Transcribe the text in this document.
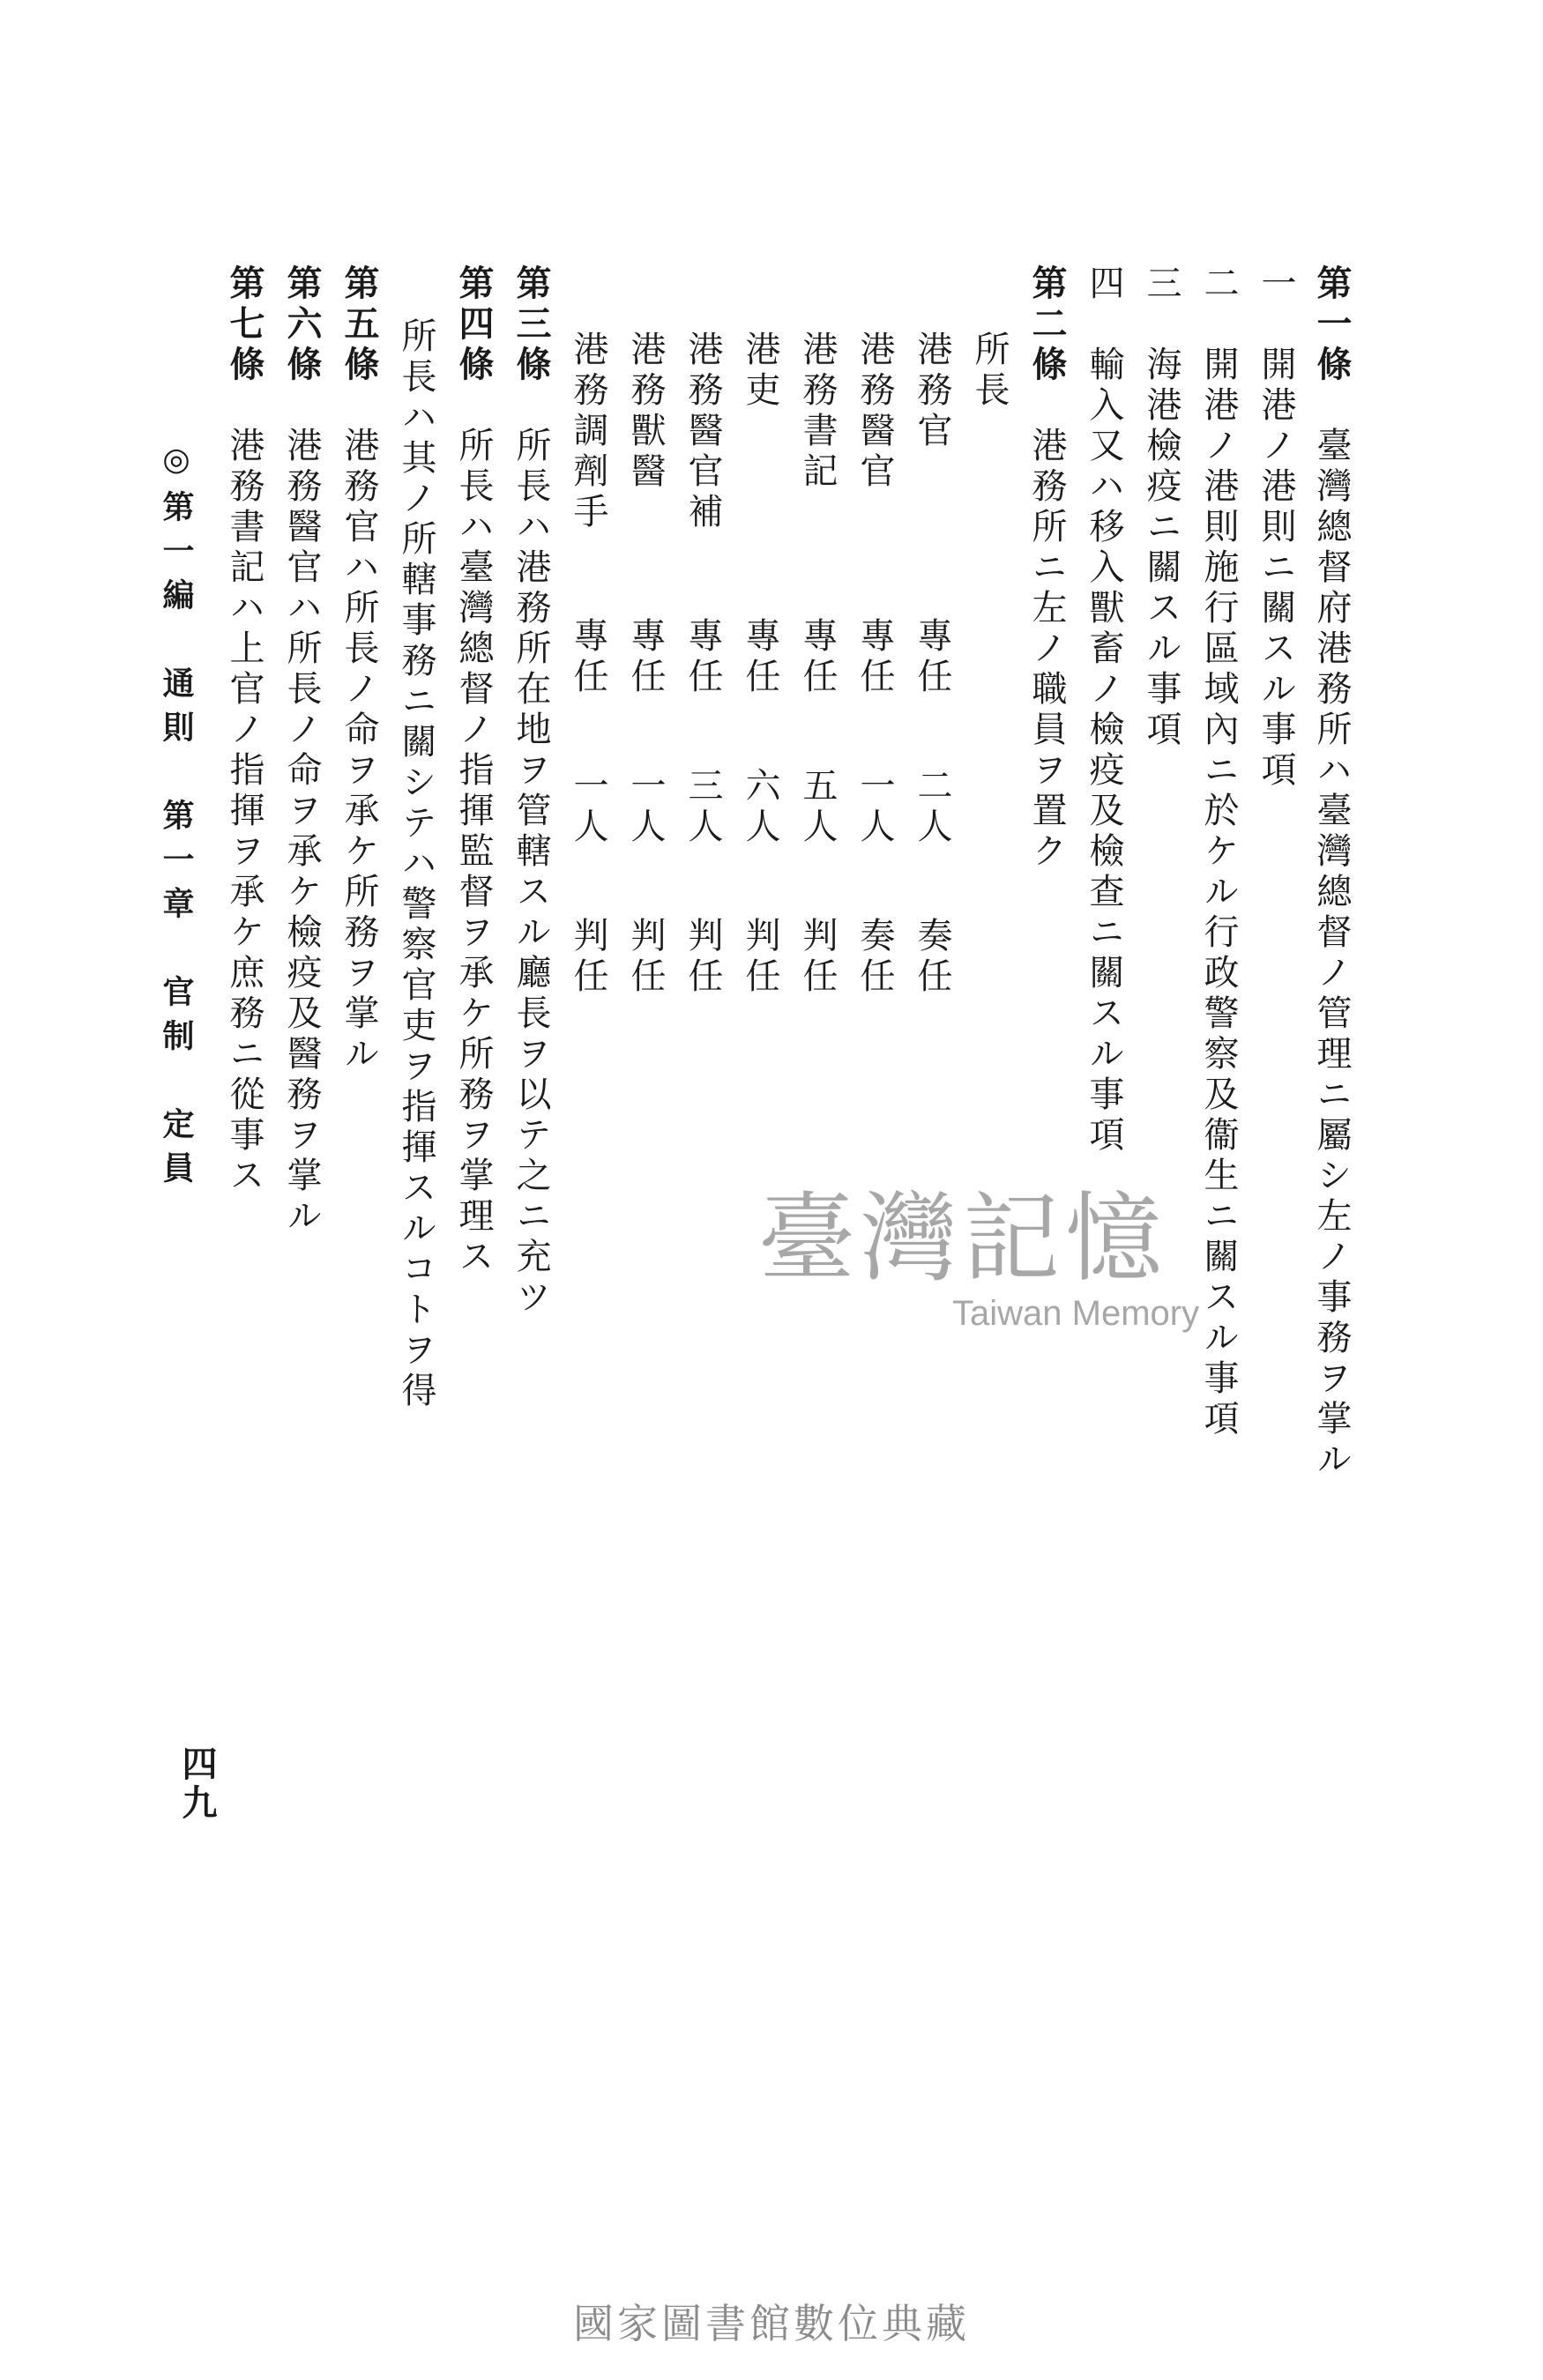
第一條　臺灣總督府港務所ハ臺灣總督ノ管理ニ屬シ左ノ事務ヲ掌ル
一　開港ノ港則ニ關スル事項
二　開港ノ港則施行區域內ニ於ケル行政警察及衞生ニ關スル事項
三　海港檢疫ニ關スル事項
四　輸入又ハ移入獸畜ノ檢疫及檢查ニ關スル事項
第二條　港務所ニ左ノ職員ヲ置ク
所長
港務官
專任
二人
奏任
港務醫官
專任
一人
奏任
港務書記
專任
五人
判任
港吏
專任
六人
判任
港務醫官補
專任
三人
判任
港務獸醫
專任
一人
判任
港務調劑手
專任
一人
判任
第三條　所長ハ港務所在地ヲ管轄スル廳長ヲ以テ之ニ充ツ
第四條　所長ハ臺灣總督ノ指揮監督ヲ承ケ所務ヲ掌理ス
所長ハ其ノ所轄事務ニ關シテハ警察官吏ヲ指揮スルコトヲ得
第五條　港務官ハ所長ノ命ヲ承ケ所務ヲ掌ル
第六條　港務醫官ハ所長ノ命ヲ承ケ檢疫及醫務ヲ掌ル
第七條　港務書記ハ上官ノ指揮ヲ承ケ庶務ニ從事ス
◎第一編　通則　第一章　官制　定員
四九
臺灣記憶
Taiwan Memory
國家圖書館數位典藏
